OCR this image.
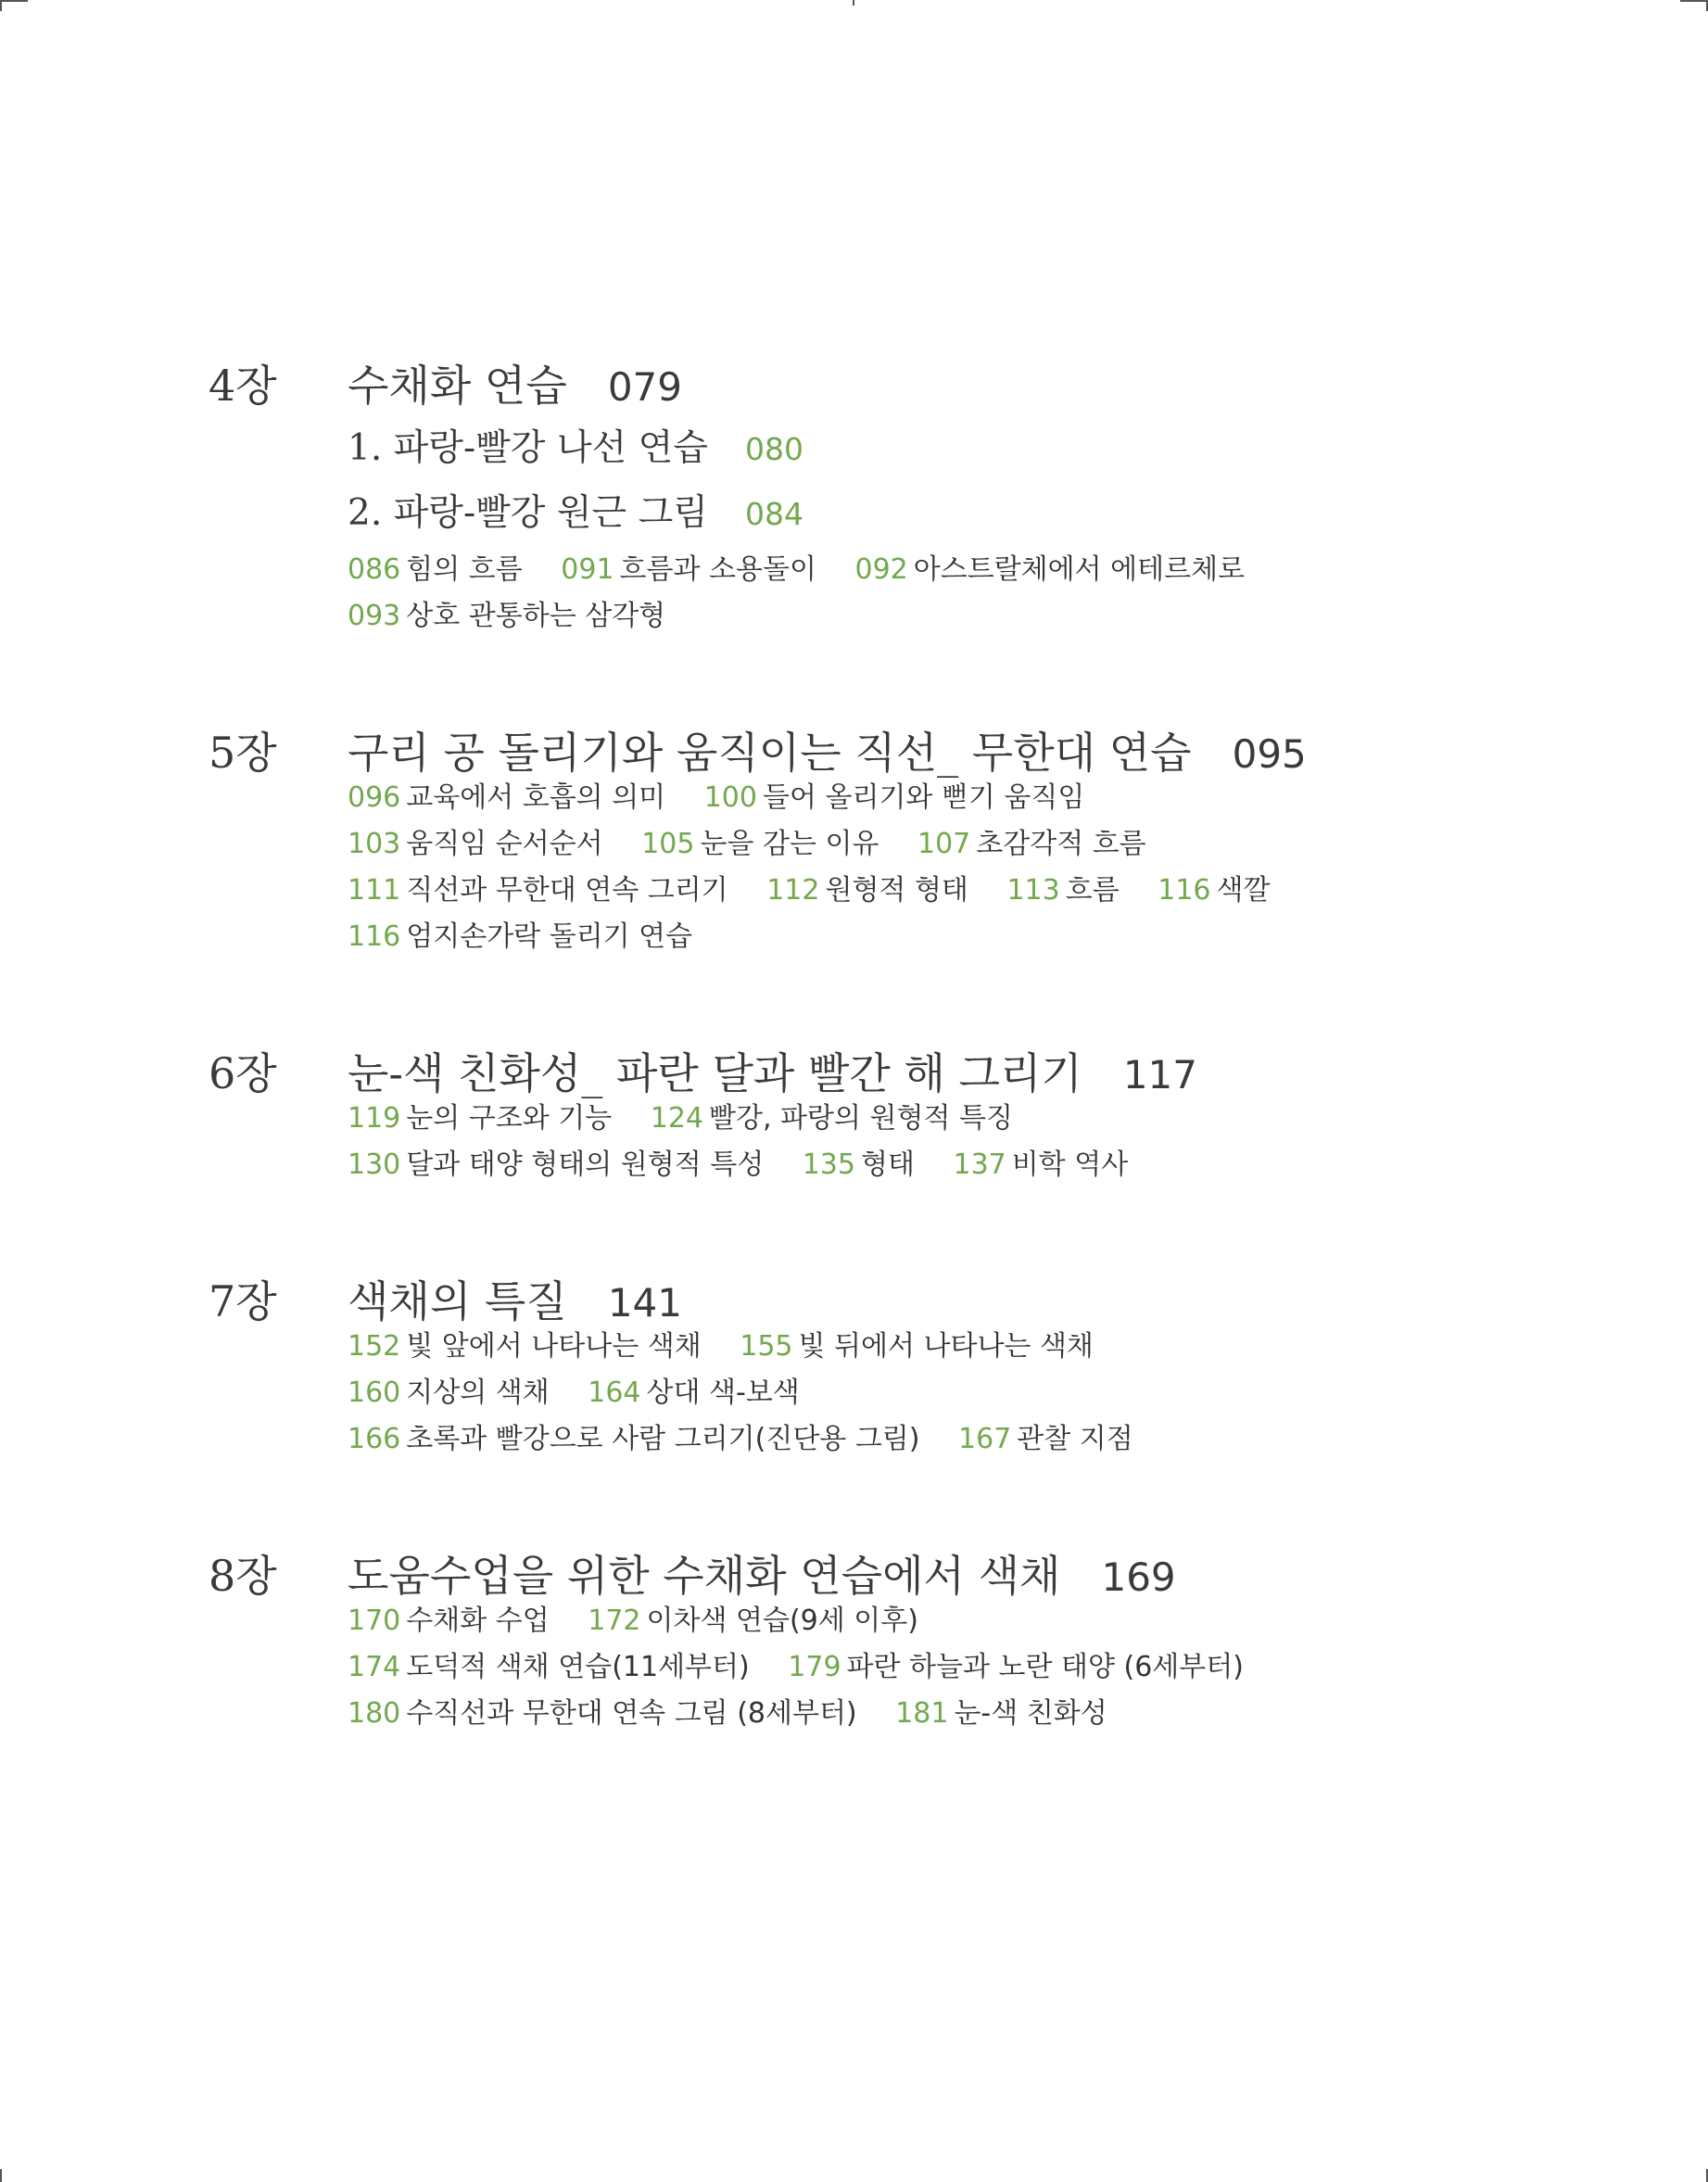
4장 수채화 연습 079
1. 파랑-빨강 나선 연습 080
2. 파랑-빨강 원근 그림 084
086 힘의 흐름 091 흐름과 소용돌이 092 아스트랄체에서 에테르체로
093 상호 관통하는 삼각형
5장 구리 공 돌리기와 움직이는 직선_ 무한대 연습 095
096 교육에서 호흡의 의미 100 들어 올리기와 뻗기 움직임
103 움직임 순서순서 105 눈을 감는 이유 107 초감각적 흐름
111 직선과 무한대 연속 그리기 112 원형적 형태 113 흐름 116 색깔
116 엄지손가락 돌리기 연습
6장 눈-색 친화성_ 파란 달과 빨간 해 그리기 117
119 눈의 구조와 기능 124 빨강, 파랑의 원형적 특징
130 달과 태양 형태의 원형적 특성 135 형태 137 비학 역사
7장 색채의 특질 141
152 빛 앞에서 나타나는 색채 155 빛 뒤에서 나타나는 색채
160 지상의 색채 164 상대 색-보색
166 초록과 빨강으로 사람 그리기(진단용 그림) 167 관찰 지점
8장 도움수업을 위한 수채화 연습에서 색채 169
170 수채화 수업 172 이차색 연습(9세 이후)
174 도덕적 색채 연습(11세부터) 179 파란 하늘과 노란 태양 (6세부터)
180 수직선과 무한대 연속 그림 (8세부터) 181 눈-색 친화성
